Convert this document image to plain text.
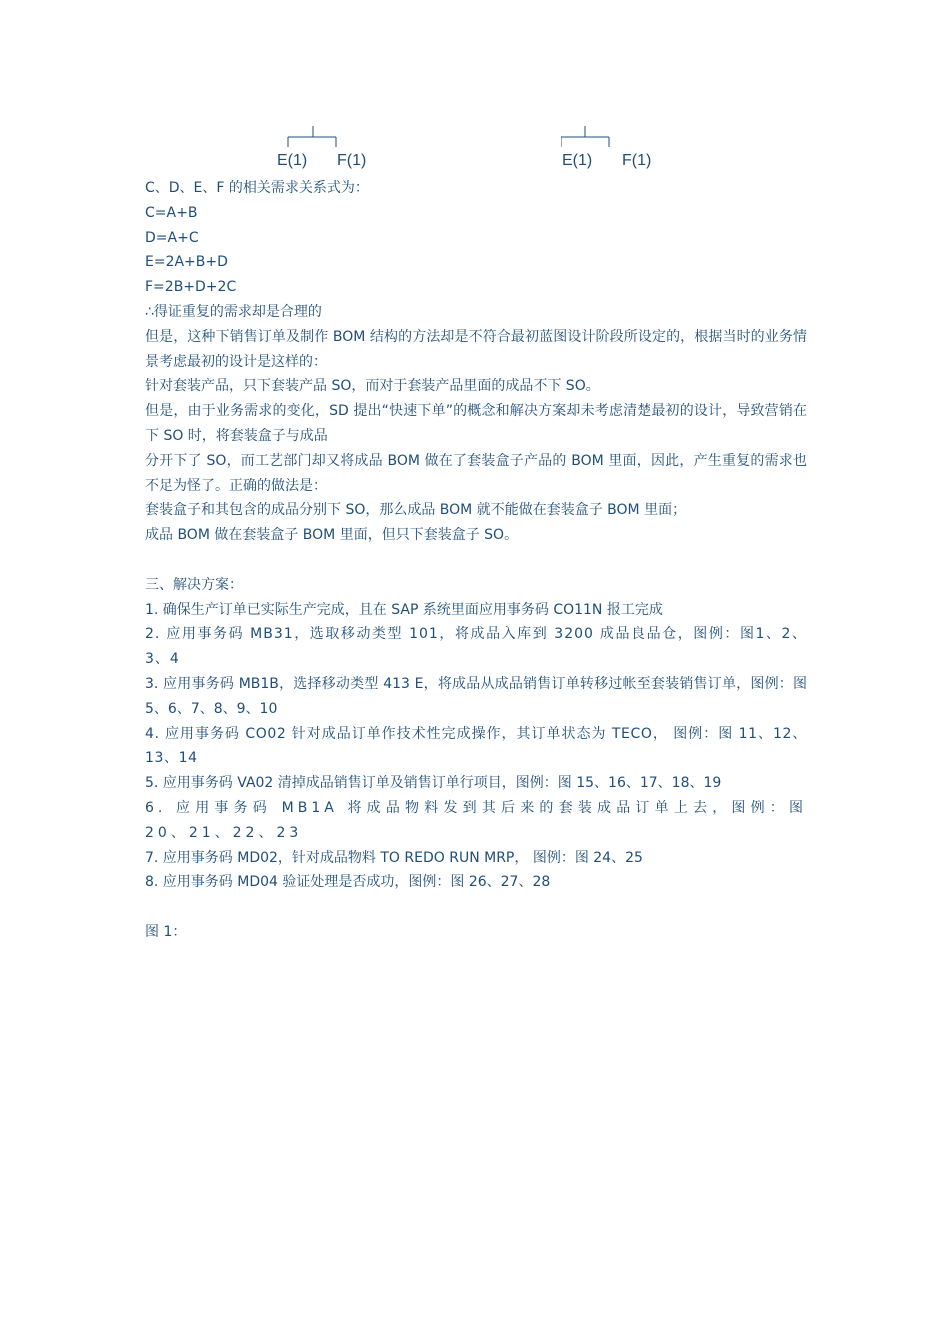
E(1) F(1)	E(1) F(1)

C、D、E、F 的相关需求关系式为：

C=A+B

D=A+C

E=2A+B+D

F=2B+D+2C

∴得证重复的需求却是合理的

但是，这种下销售订单及制作 BOM 结构的方法却是不符合最初蓝图设计阶段所设定的，根据当时的业务情景考虑最初的设计是这样的：

针对套装产品，只下套装产品 SO，而对于套装产品里面的成品不下 SO。

但是，由于业务需求的变化，SD 提出“快速下单”的概念和解决方案却未考虑清楚最初的设计，导致营销在下 SO 时，将套装盒子与成品

分开下了 SO，而工艺部门却又将成品 BOM 做在了套装盒子产品的 BOM 里面，因此，产生重复的需求也不足为怪了。正确的做法是：

套装盒子和其包含的成品分别下 SO，那么成品 BOM 就不能做在套装盒子 BOM 里面；

成品 BOM 做在套装盒子 BOM 里面，但只下套装盒子 SO。

三、解决方案：

1. 确保生产订单已实际生产完成，且在 SAP 系统里面应用事务码 CO11N 报工完成

2. 应用事务码 MB31，选取移动类型 101，将成品入库到 3200 成品良品仓，图例：图1、2、3、4

3. 应用事务码 MB1B，选择移动类型 413 E，将成品从成品销售订单转移过帐至套装销售订单，图例：图 5、6、7、8、9、10

4. 应用事务码 CO02 针对成品订单作技术性完成操作，其订单状态为 TECO， 图例：图 11、12、13、14

5. 应用事务码 VA02 清掉成品销售订单及销售订单行项目，图例：图 15、16、17、18、19

6. 应用事务码 MB1A 将成品物料发到其后来的套装成品订单上去，图例：图 20、21、22、23

7. 应用事务码 MD02，针对成品物料 TO REDO RUN MRP， 图例：图 24、25

8. 应用事务码 MD04 验证处理是否成功，图例：图 26、27、28

图 1：
